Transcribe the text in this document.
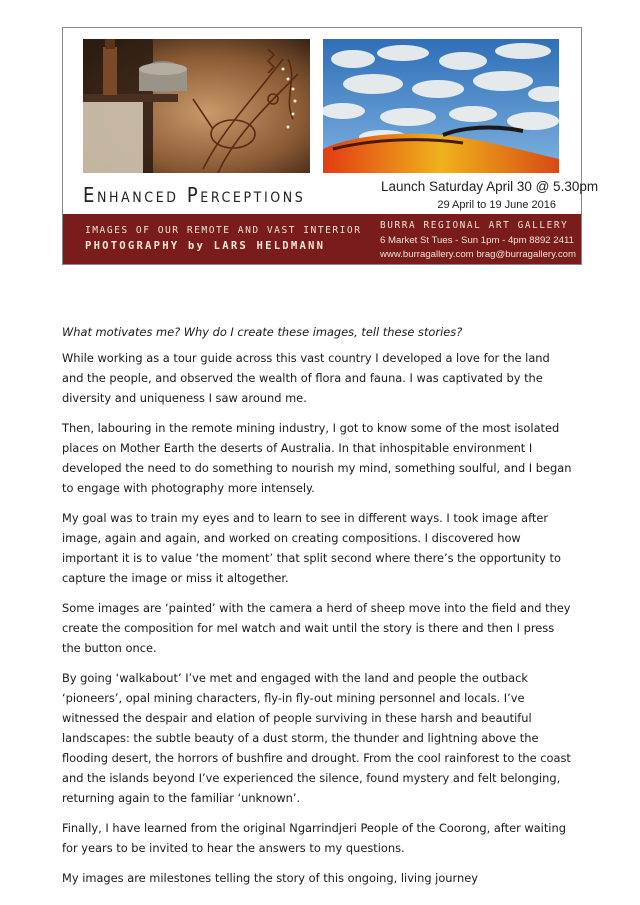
Enhanced Perceptions	Launch Saturday April 30 @ 5.30pm
29 April to 19 June 2016
IMAGES OF OUR REMOTE AND VAST INTERIOR
PHOTOGRAPHY by LARS HELDMANN
BURRA REGIONAL ART GALLERY
6 Market St Tues - Sun 1pm - 4pm 8892 2411
www.burragallery.com brag@burragallery.com

What motivates me? Why do I create these images, tell these stories?

While working as a tour guide across this vast country I developed a love for the land and the people, and observed the wealth of flora and fauna. I was captivated by the diversity and uniqueness I saw around me.

Then, labouring in the remote mining industry, I got to know some of the most isolated places on Mother Earth the deserts of Australia. In that inhospitable environment I developed the need to do something to nourish my mind, something soulful, and I began to engage with photography more intensely.

My goal was to train my eyes and to learn to see in different ways. I took image after image, again and again, and worked on creating compositions. I discovered how important it is to value ‘the moment’ that split second where there’s the opportunity to capture the image or miss it altogether.

Some images are ‘painted’ with the camera a herd of sheep move into the field and they create the composition for meI watch and wait until the story is there and then I press the button once.

By going ‘walkabout’ I’ve met and engaged with the land and people the outback ‘pioneers’, opal mining characters, fly-in fly-out mining personnel and locals. I’ve witnessed the despair and elation of people surviving in these harsh and beautiful landscapes: the subtle beauty of a dust storm, the thunder and lightning above the flooding desert, the horrors of bushfire and drought. From the cool rainforest to the coast and the islands beyond I’ve experienced the silence, found mystery and felt belonging, returning again to the familiar ‘unknown’.

Finally, I have learned from the original Ngarrindjeri People of the Coorong, after waiting for years to be invited to hear the answers to my questions.

My images are milestones telling the story of this ongoing, living journey
